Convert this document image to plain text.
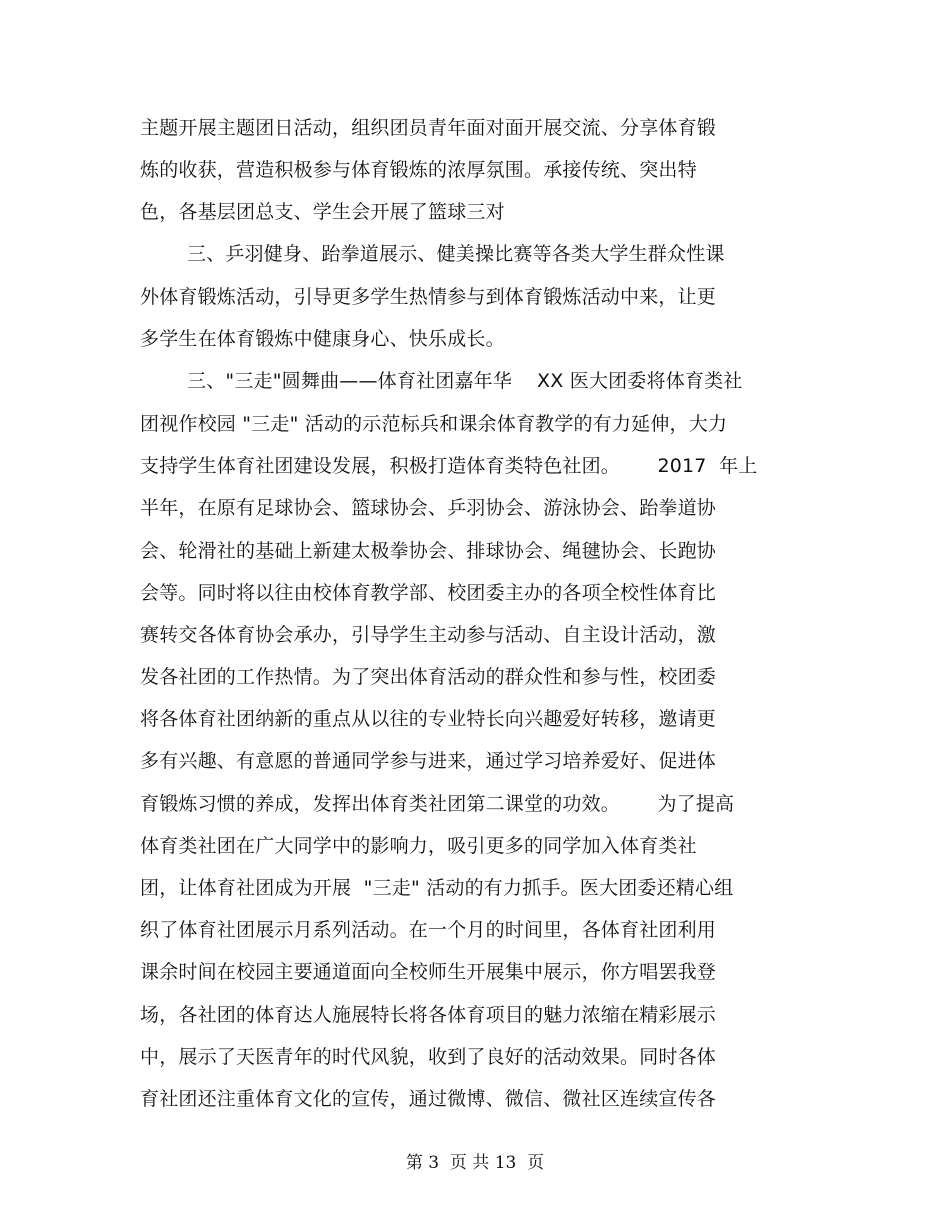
主题开展主题团日活动，组织团员青年面对面开展交流、分享体育锻
炼的收获，营造积极参与体育锻炼的浓厚氛围。承接传统、突出特
色，各基层团总支、学生会开展了篮球三对
三、乒羽健身、跆拳道展示、健美操比赛等各类大学生群众性课
外体育锻炼活动，引导更多学生热情参与到体育锻炼活动中来，让更
多学生在体育锻炼中健康身心、快乐成长。
三、"三走"圆舞曲——体育社团嘉年华    XX 医大团委将体育类社
团视作校园 "三走" 活动的示范标兵和课余体育教学的有力延伸，大力
支持学生体育社团建设发展，积极打造体育类特色社团。      2017  年上
半年，在原有足球协会、篮球协会、乒羽协会、游泳协会、跆拳道协
会、轮滑社的基础上新建太极拳协会、排球协会、绳毽协会、长跑协
会等。同时将以往由校体育教学部、校团委主办的各项全校性体育比
赛转交各体育协会承办，引导学生主动参与活动、自主设计活动，激
发各社团的工作热情。为了突出体育活动的群众性和参与性，校团委
将各体育社团纳新的重点从以往的专业特长向兴趣爱好转移，邀请更
多有兴趣、有意愿的普通同学参与进来，通过学习培养爱好、促进体
育锻炼习惯的养成，发挥出体育类社团第二课堂的功效。      为了提高
体育类社团在广大同学中的影响力，吸引更多的同学加入体育类社
团，让体育社团成为开展  "三走" 活动的有力抓手。医大团委还精心组
织了体育社团展示月系列活动。在一个月的时间里，各体育社团利用
课余时间在校园主要通道面向全校师生开展集中展示，你方唱罢我登
场，各社团的体育达人施展特长将各体育项目的魅力浓缩在精彩展示
中，展示了天医青年的时代风貌，收到了良好的活动效果。同时各体
育社团还注重体育文化的宣传，通过微博、微信、微社区连续宣传各
第 3  页 共 13  页
